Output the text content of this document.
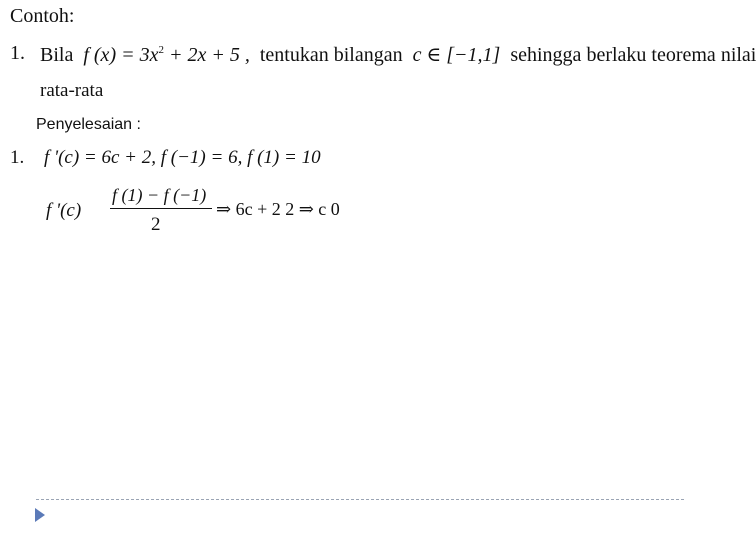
Contoh:
1. Bila f $(x) = 3x^2 + 2x + 5$ , tentukan bilangan c ∈ [−1,1] sehingga berlaku teorema nilai
rata-rata
Penyelesaian :
1. f '(c) = 6c + 2, f (−1) = 6, f (1) = 10
f '(c)
f (1) − f (−1)
2
⇒ 6c + 2 2 ⇒ c 0
